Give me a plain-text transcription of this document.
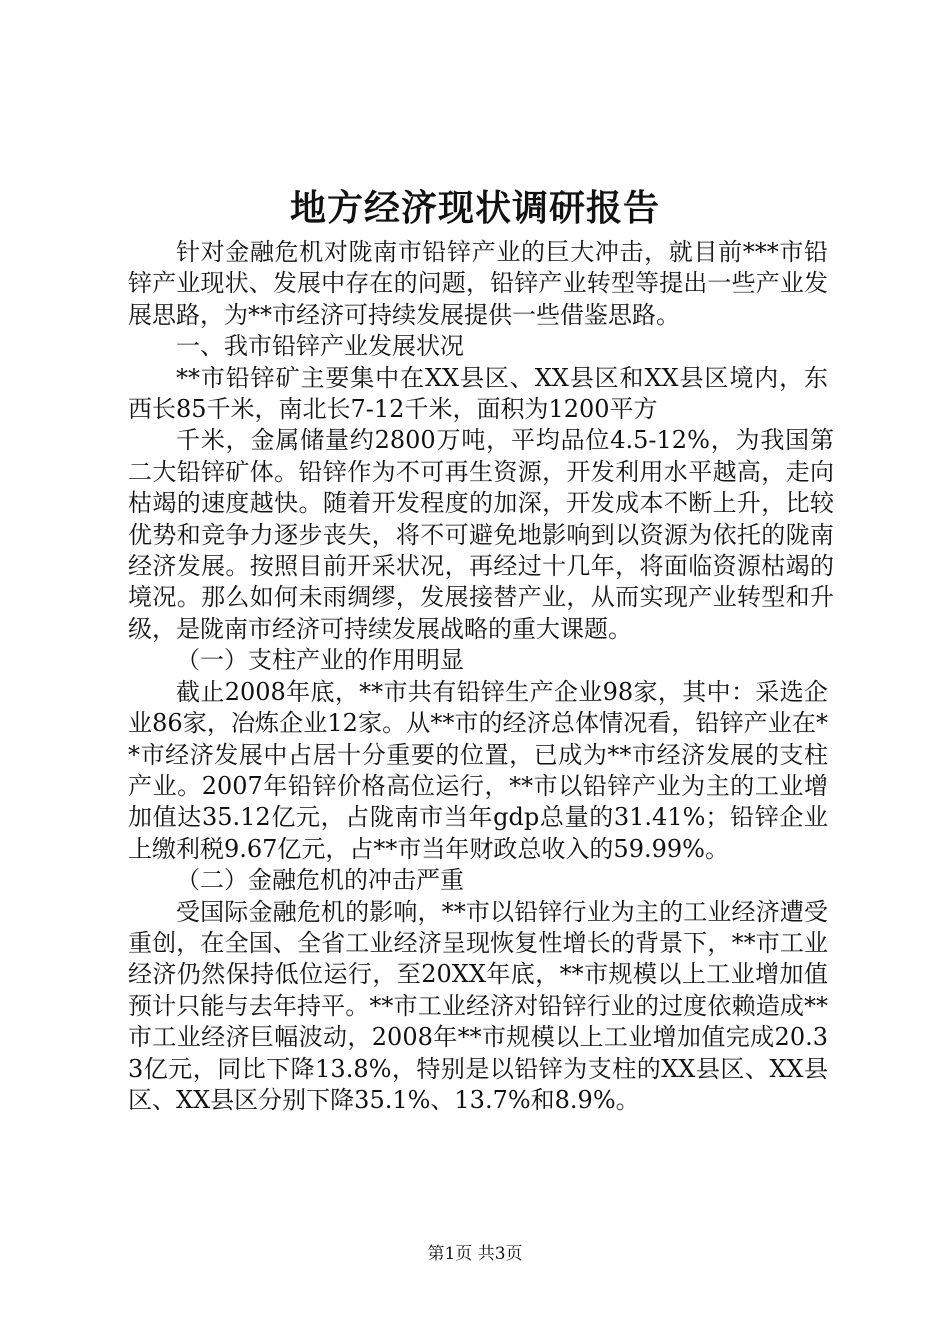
地方经济现状调研报告

针对金融危机对陇南市铅锌产业的巨大冲击，就目前***市铅锌产业现状、发展中存在的问题，铅锌产业转型等提出一些产业发展思路，为**市经济可持续发展提供一些借鉴思路。

一、我市铅锌产业发展状况

**市铅锌矿主要集中在XX县区、XX县区和XX县区境内，东西长85千米，南北长7-12千米，面积为1200平方

千米，金属储量约2800万吨，平均品位4.5-12%，为我国第二大铅锌矿体。铅锌作为不可再生资源，开发利用水平越高，走向枯竭的速度越快。随着开发程度的加深，开发成本不断上升，比较优势和竞争力逐步丧失，将不可避免地影响到以资源为依托的陇南经济发展。按照目前开采状况，再经过十几年，将面临资源枯竭的境况。那么如何未雨绸缪，发展接替产业，从而实现产业转型和升级，是陇南市经济可持续发展战略的重大课题。

（一）支柱产业的作用明显

截止2008年底，**市共有铅锌生产企业98家，其中：采选企业86家，冶炼企业12家。从**市的经济总体情况看，铅锌产业在**市经济发展中占居十分重要的位置，已成为**市经济发展的支柱产业。2007年铅锌价格高位运行，**市以铅锌产业为主的工业增加值达35.12亿元，占陇南市当年gdp总量的31.41%；铅锌企业上缴利税9.67亿元，占**市当年财政总收入的59.99%。

（二）金融危机的冲击严重

受国际金融危机的影响，**市以铅锌行业为主的工业经济遭受重创，在全国、全省工业经济呈现恢复性增长的背景下，**市工业经济仍然保持低位运行，至20XX年底，**市规模以上工业增加值预计只能与去年持平。**市工业经济对铅锌行业的过度依赖造成**市工业经济巨幅波动，2008年**市规模以上工业增加值完成20.33亿元，同比下降13.8%，特别是以铅锌为支柱的XX县区、XX县区、XX县区分别下降35.1%、13.7%和8.9%。

第1页 共3页
